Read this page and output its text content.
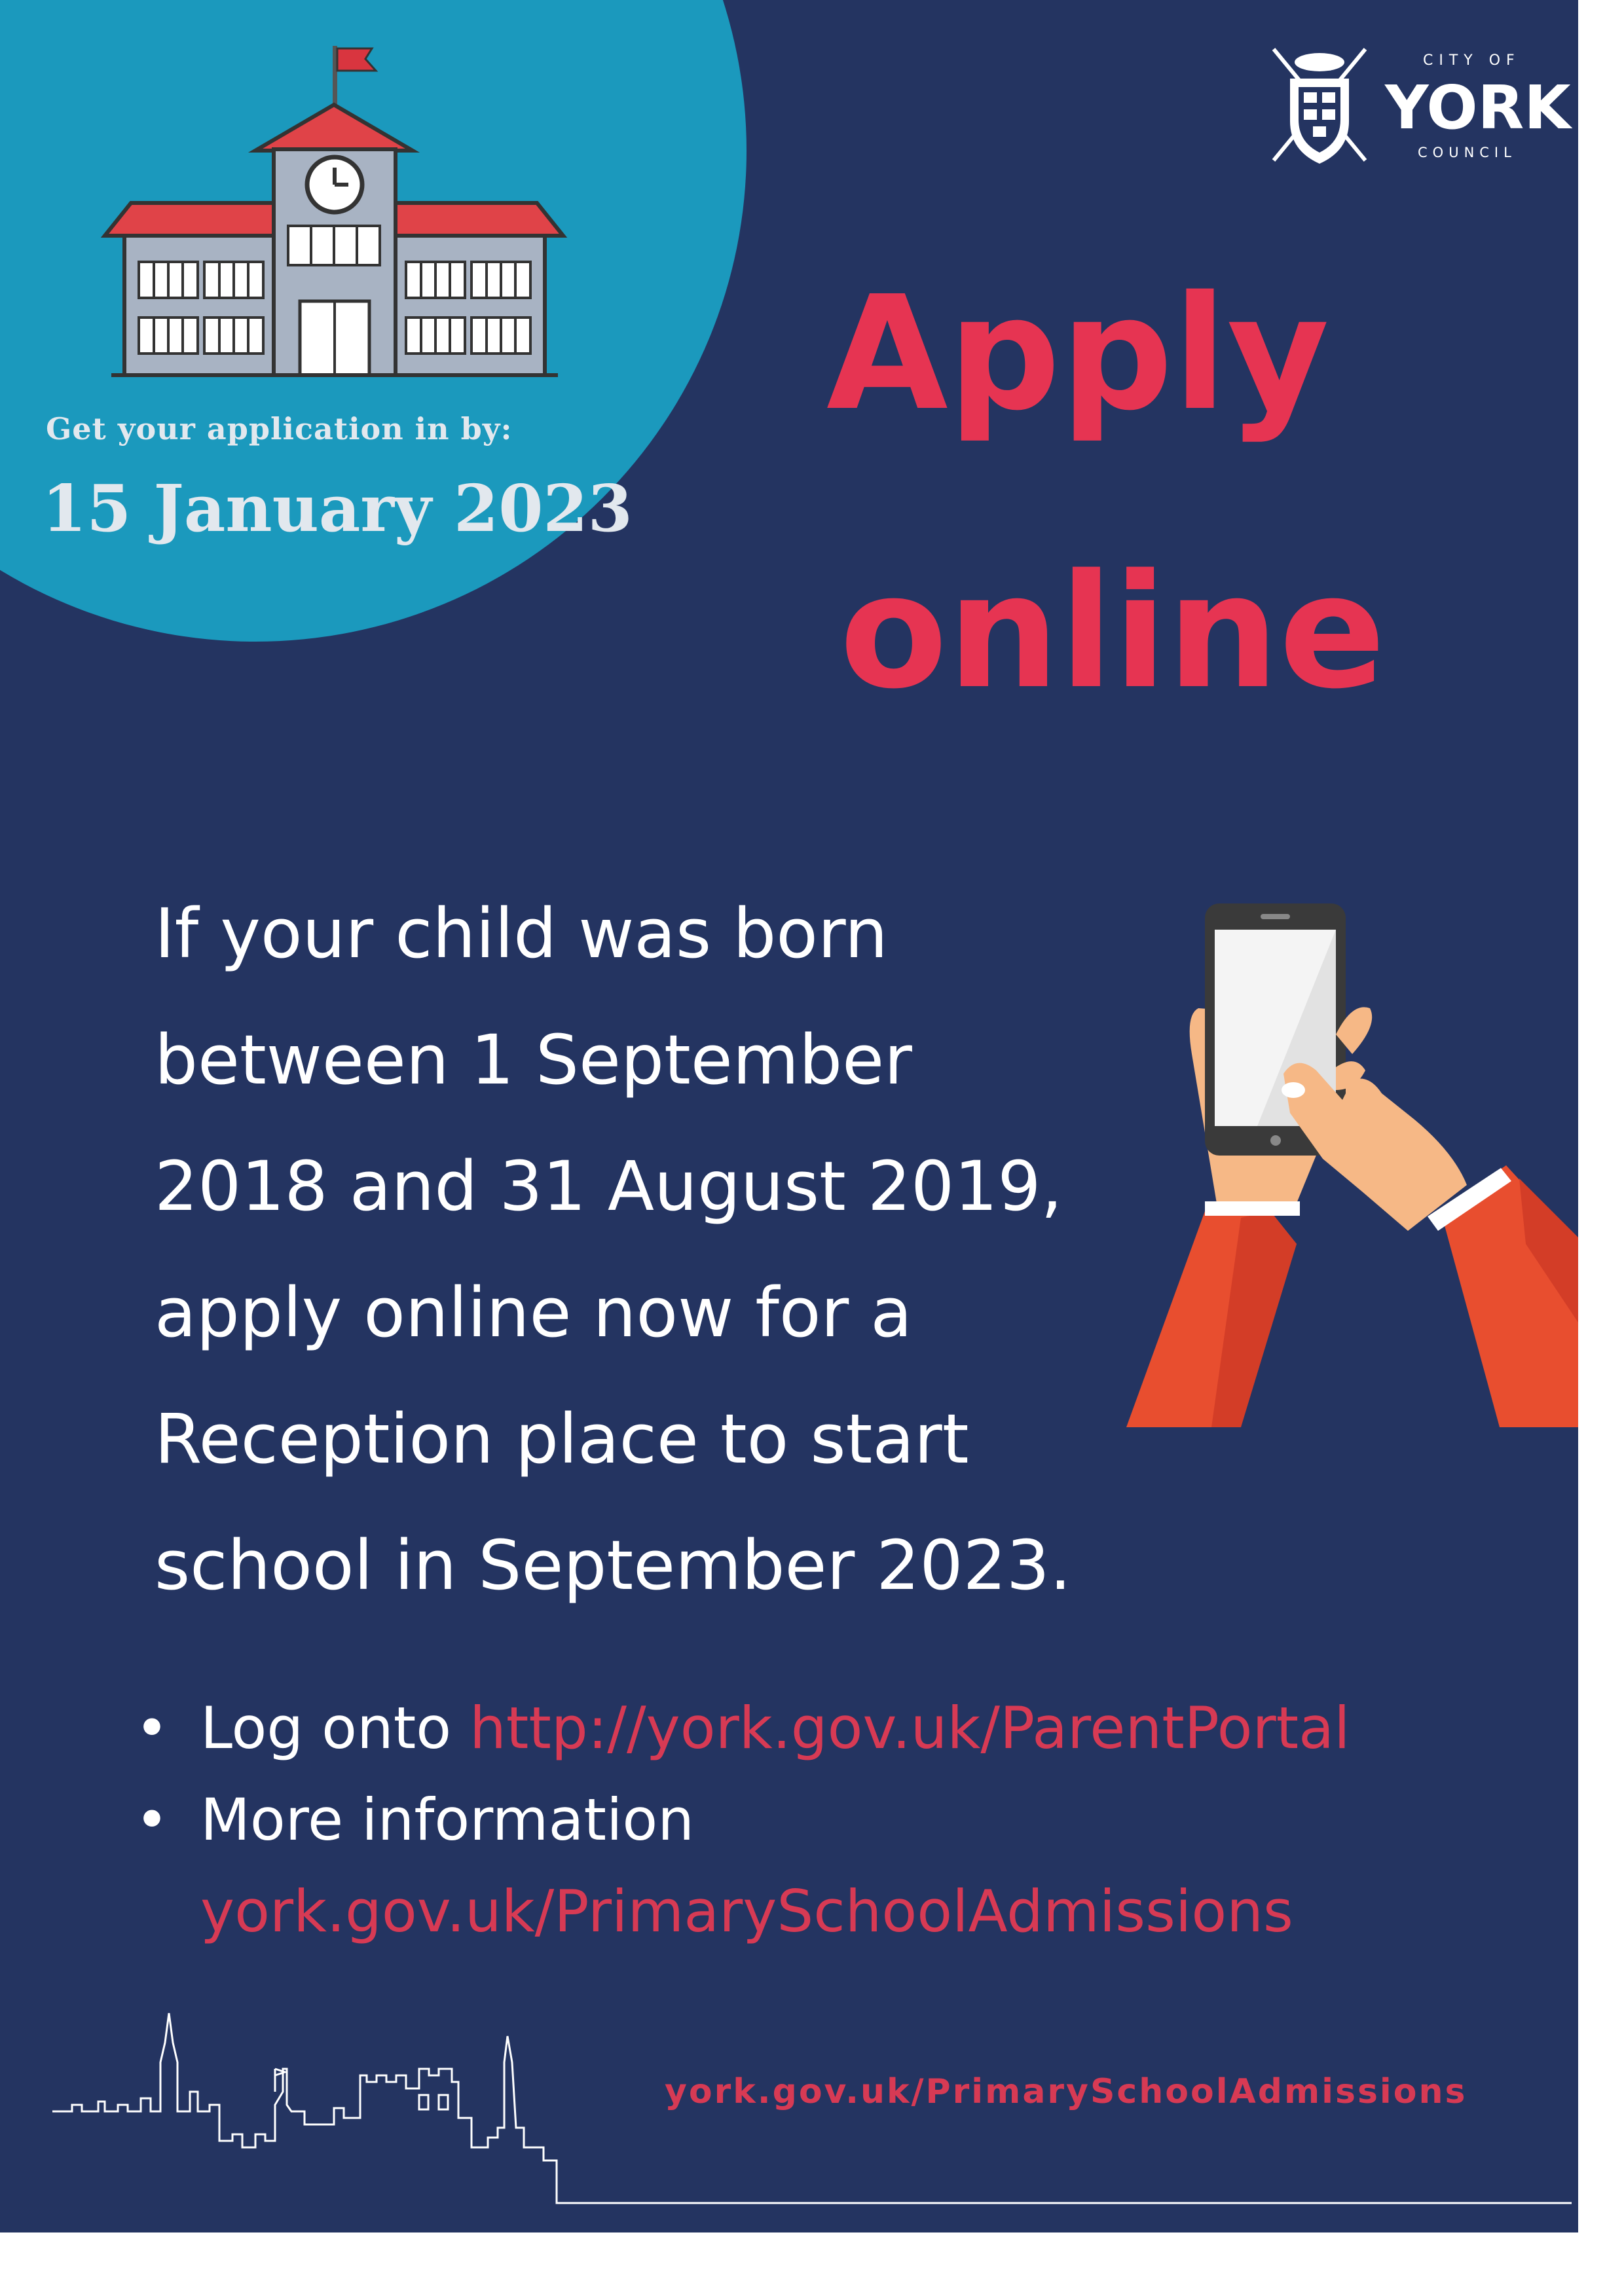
Get your application in by:
15 January 2023
CITY OF
YORK
COUNCIL
Apply
online
If your child was born
between 1 September
2018 and 31 August 2019,
apply online now for a
Reception place to start
school in September 2023.
• Log onto http://york.gov.uk/ParentPortal
• More information
york.gov.uk/PrimarySchoolAdmissions
york.gov.uk/PrimarySchoolAdmissions
